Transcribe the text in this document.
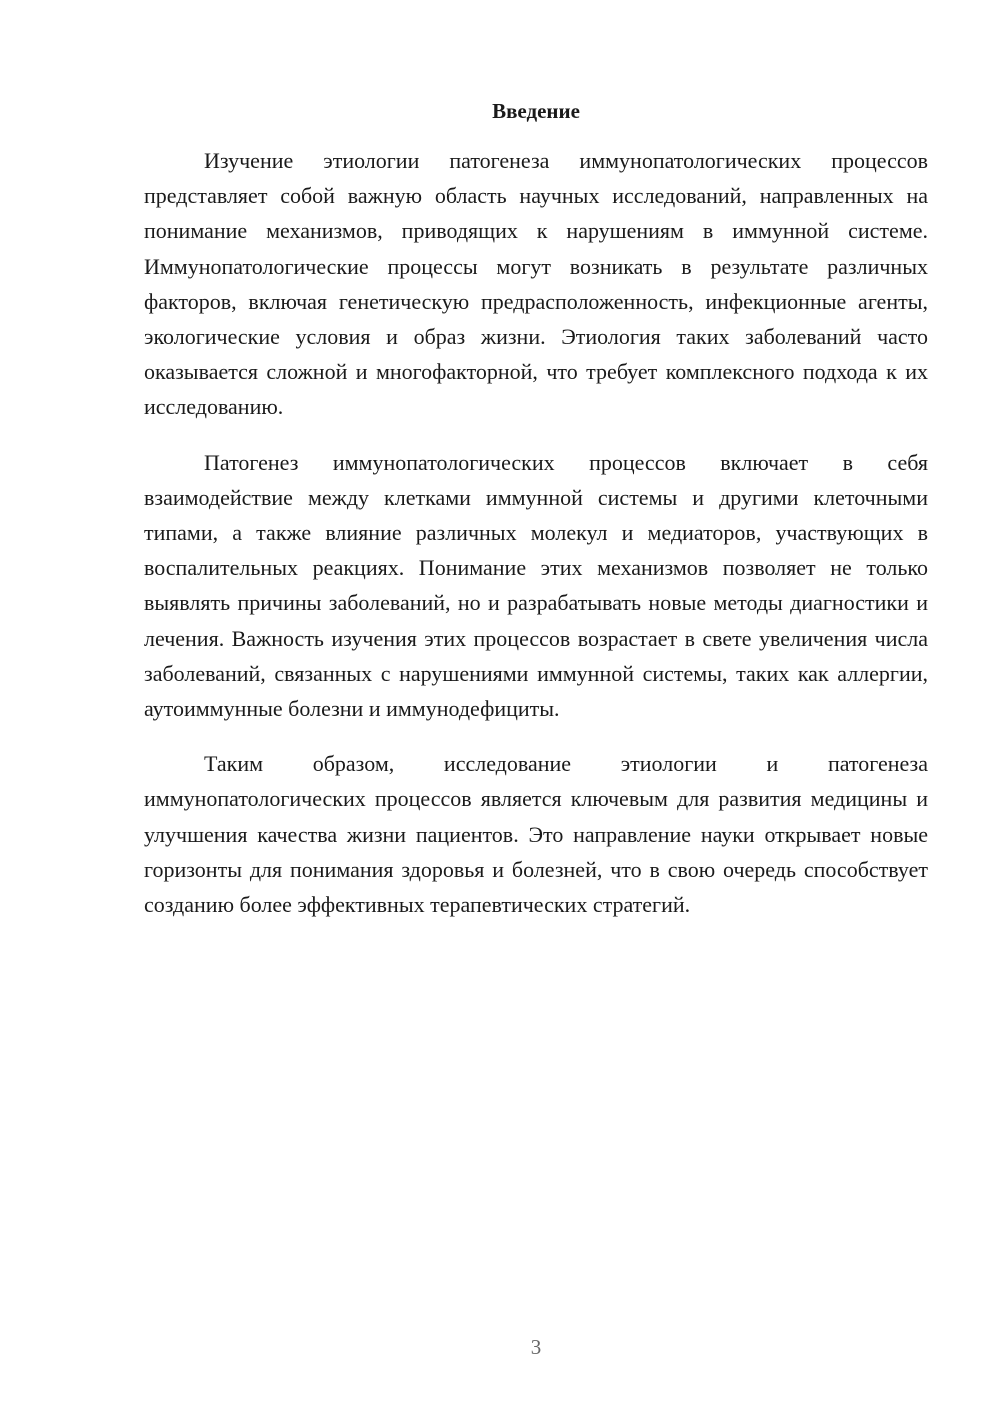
Введение

Изучение этиологии патогенеза иммунопатологических процессов представляет собой важную область научных исследований, направленных на понимание механизмов, приводящих к нарушениям в иммунной системе. Иммунопатологические процессы могут возникать в результате различных факторов, включая генетическую предрасположенность, инфекционные агенты, экологические условия и образ жизни. Этиология таких заболеваний часто оказывается сложной и многофакторной, что требует комплексного подхода к их исследованию.

Патогенез иммунопатологических процессов включает в себя взаимодействие между клетками иммунной системы и другими клеточными типами, а также влияние различных молекул и медиаторов, участвующих в воспалительных реакциях. Понимание этих механизмов позволяет не только выявлять причины заболеваний, но и разрабатывать новые методы диагностики и лечения. Важность изучения этих процессов возрастает в свете увеличения числа заболеваний, связанных с нарушениями иммунной системы, таких как аллергии, аутоиммунные болезни и иммунодефициты.

Таким образом, исследование этиологии и патогенеза иммунопатологических процессов является ключевым для развития медицины и улучшения качества жизни пациентов. Это направление науки открывает новые горизонты для понимания здоровья и болезней, что в свою очередь способствует созданию более эффективных терапевтических стратегий.

3
